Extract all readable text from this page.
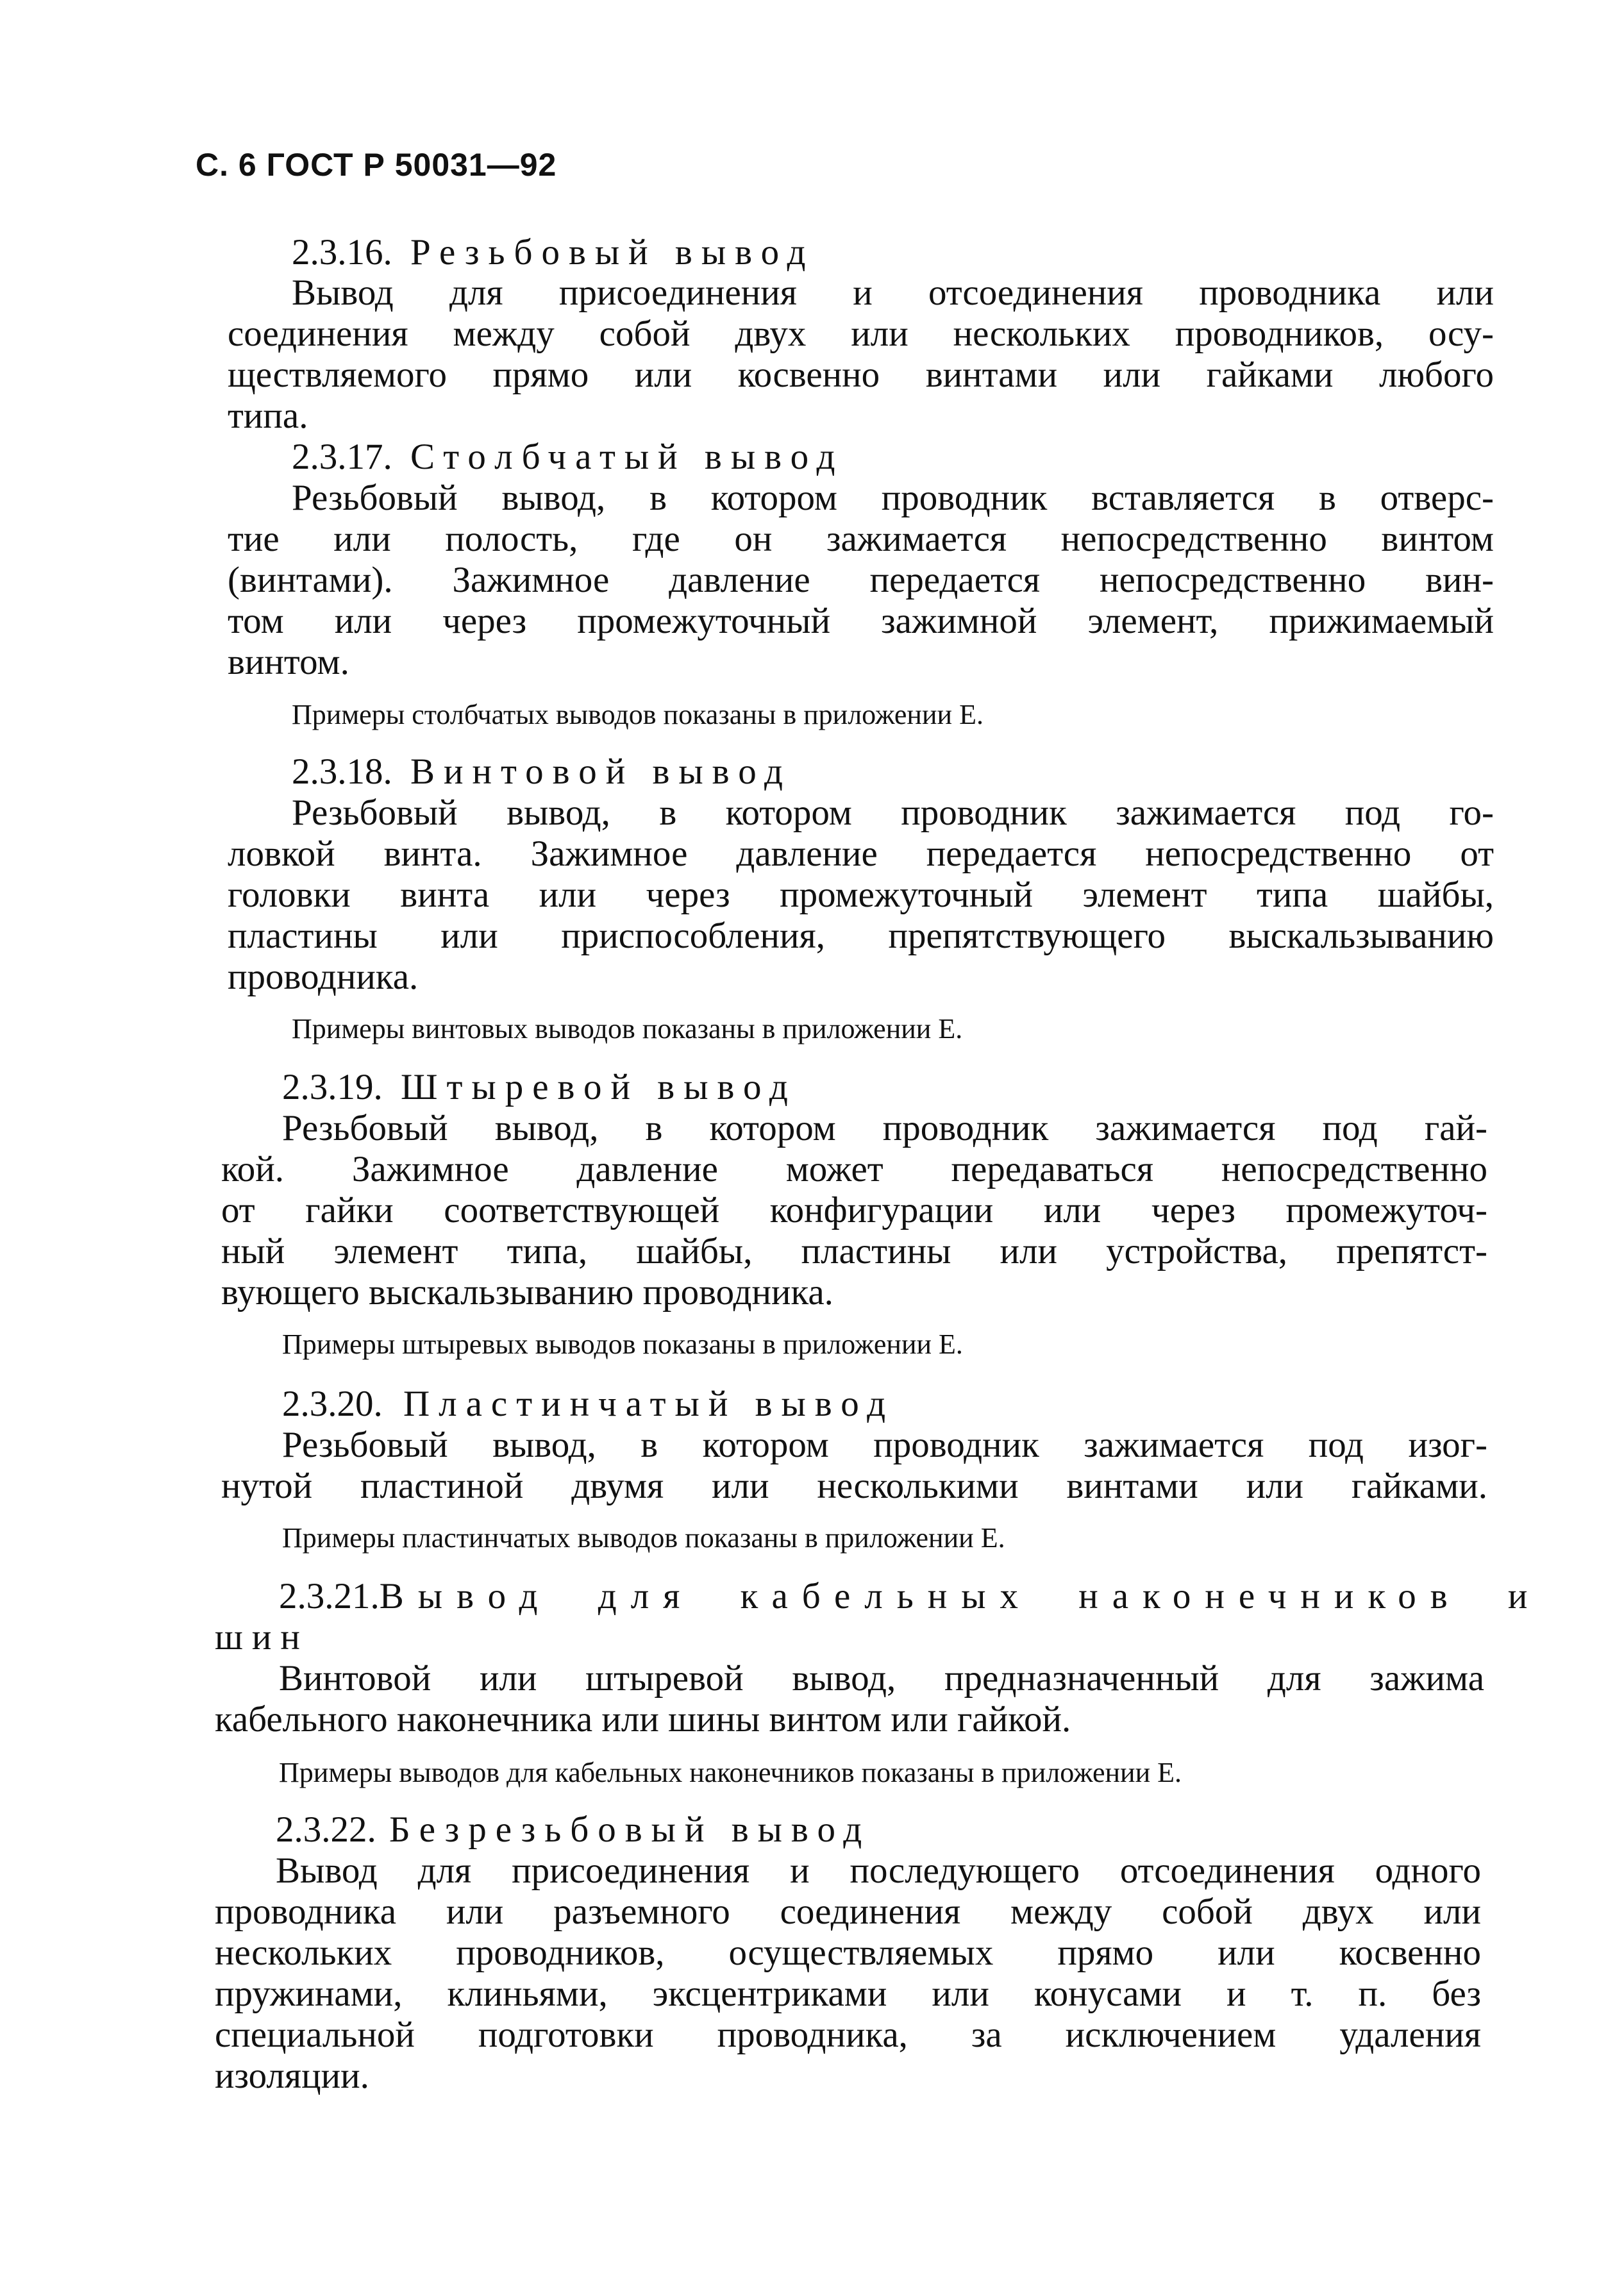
С. 6 ГОСТ Р 50031—92
2.3.16. Резьбовый вывод
Вывод для присоединения и отсоединения проводника или
соединения между собой двух или нескольких проводников, осу-
ществляемого прямо или косвенно винтами или гайками любого
типа.
2.3.17. Столбчатый вывод
Резьбовый вывод, в котором проводник вставляется в отверс-
тие или полость, где он зажимается непосредственно винтом
(винтами). Зажимное давление передается непосредственно вин-
том или через промежуточный зажимной элемент, прижимаемый
винтом.
Примеры столбчатых выводов показаны в приложении Е.
2.3.18. Винтовой вывод
Резьбовый вывод, в котором проводник зажимается под го-
ловкой винта. Зажимное давление передается непосредственно от
головки винта или через промежуточный элемент типа шайбы,
пластины или приспособления, препятствующего выскальзыванию
проводника.
Примеры винтовых выводов показаны в приложении Е.
2.3.19. Штыревой вывод
Резьбовый вывод, в котором проводник зажимается под гай-
кой. Зажимное давление может передаваться непосредственно
от гайки соответствующей конфигурации или через промежуточ-
ный элемент типа, шайбы, пластины или устройства, препятст-
вующего выскальзыванию проводника.
Примеры штыревых выводов показаны в приложении Е.
2.3.20. Пластинчатый вывод
Резьбовый вывод, в котором проводник зажимается под изог-
нутой пластиной двумя или несколькими винтами или гайками.
Примеры пластинчатых выводов показаны в приложении Е.
2.3.21. Вывод для кабельных наконечников и
шин
Винтовой или штыревой вывод, предназначенный для зажима
кабельного наконечника или шины винтом или гайкой.
Примеры выводов для кабельных наконечников показаны в приложении Е.
2.3.22. Безрезьбовый вывод
Вывод для присоединения и последующего отсоединения одного
проводника или разъемного соединения между собой двух или
нескольких проводников, осуществляемых прямо или косвенно
пружинами, клиньями, эксцентриками или конусами и т. п. без
специальной подготовки проводника, за исключением удаления
изоляции.
